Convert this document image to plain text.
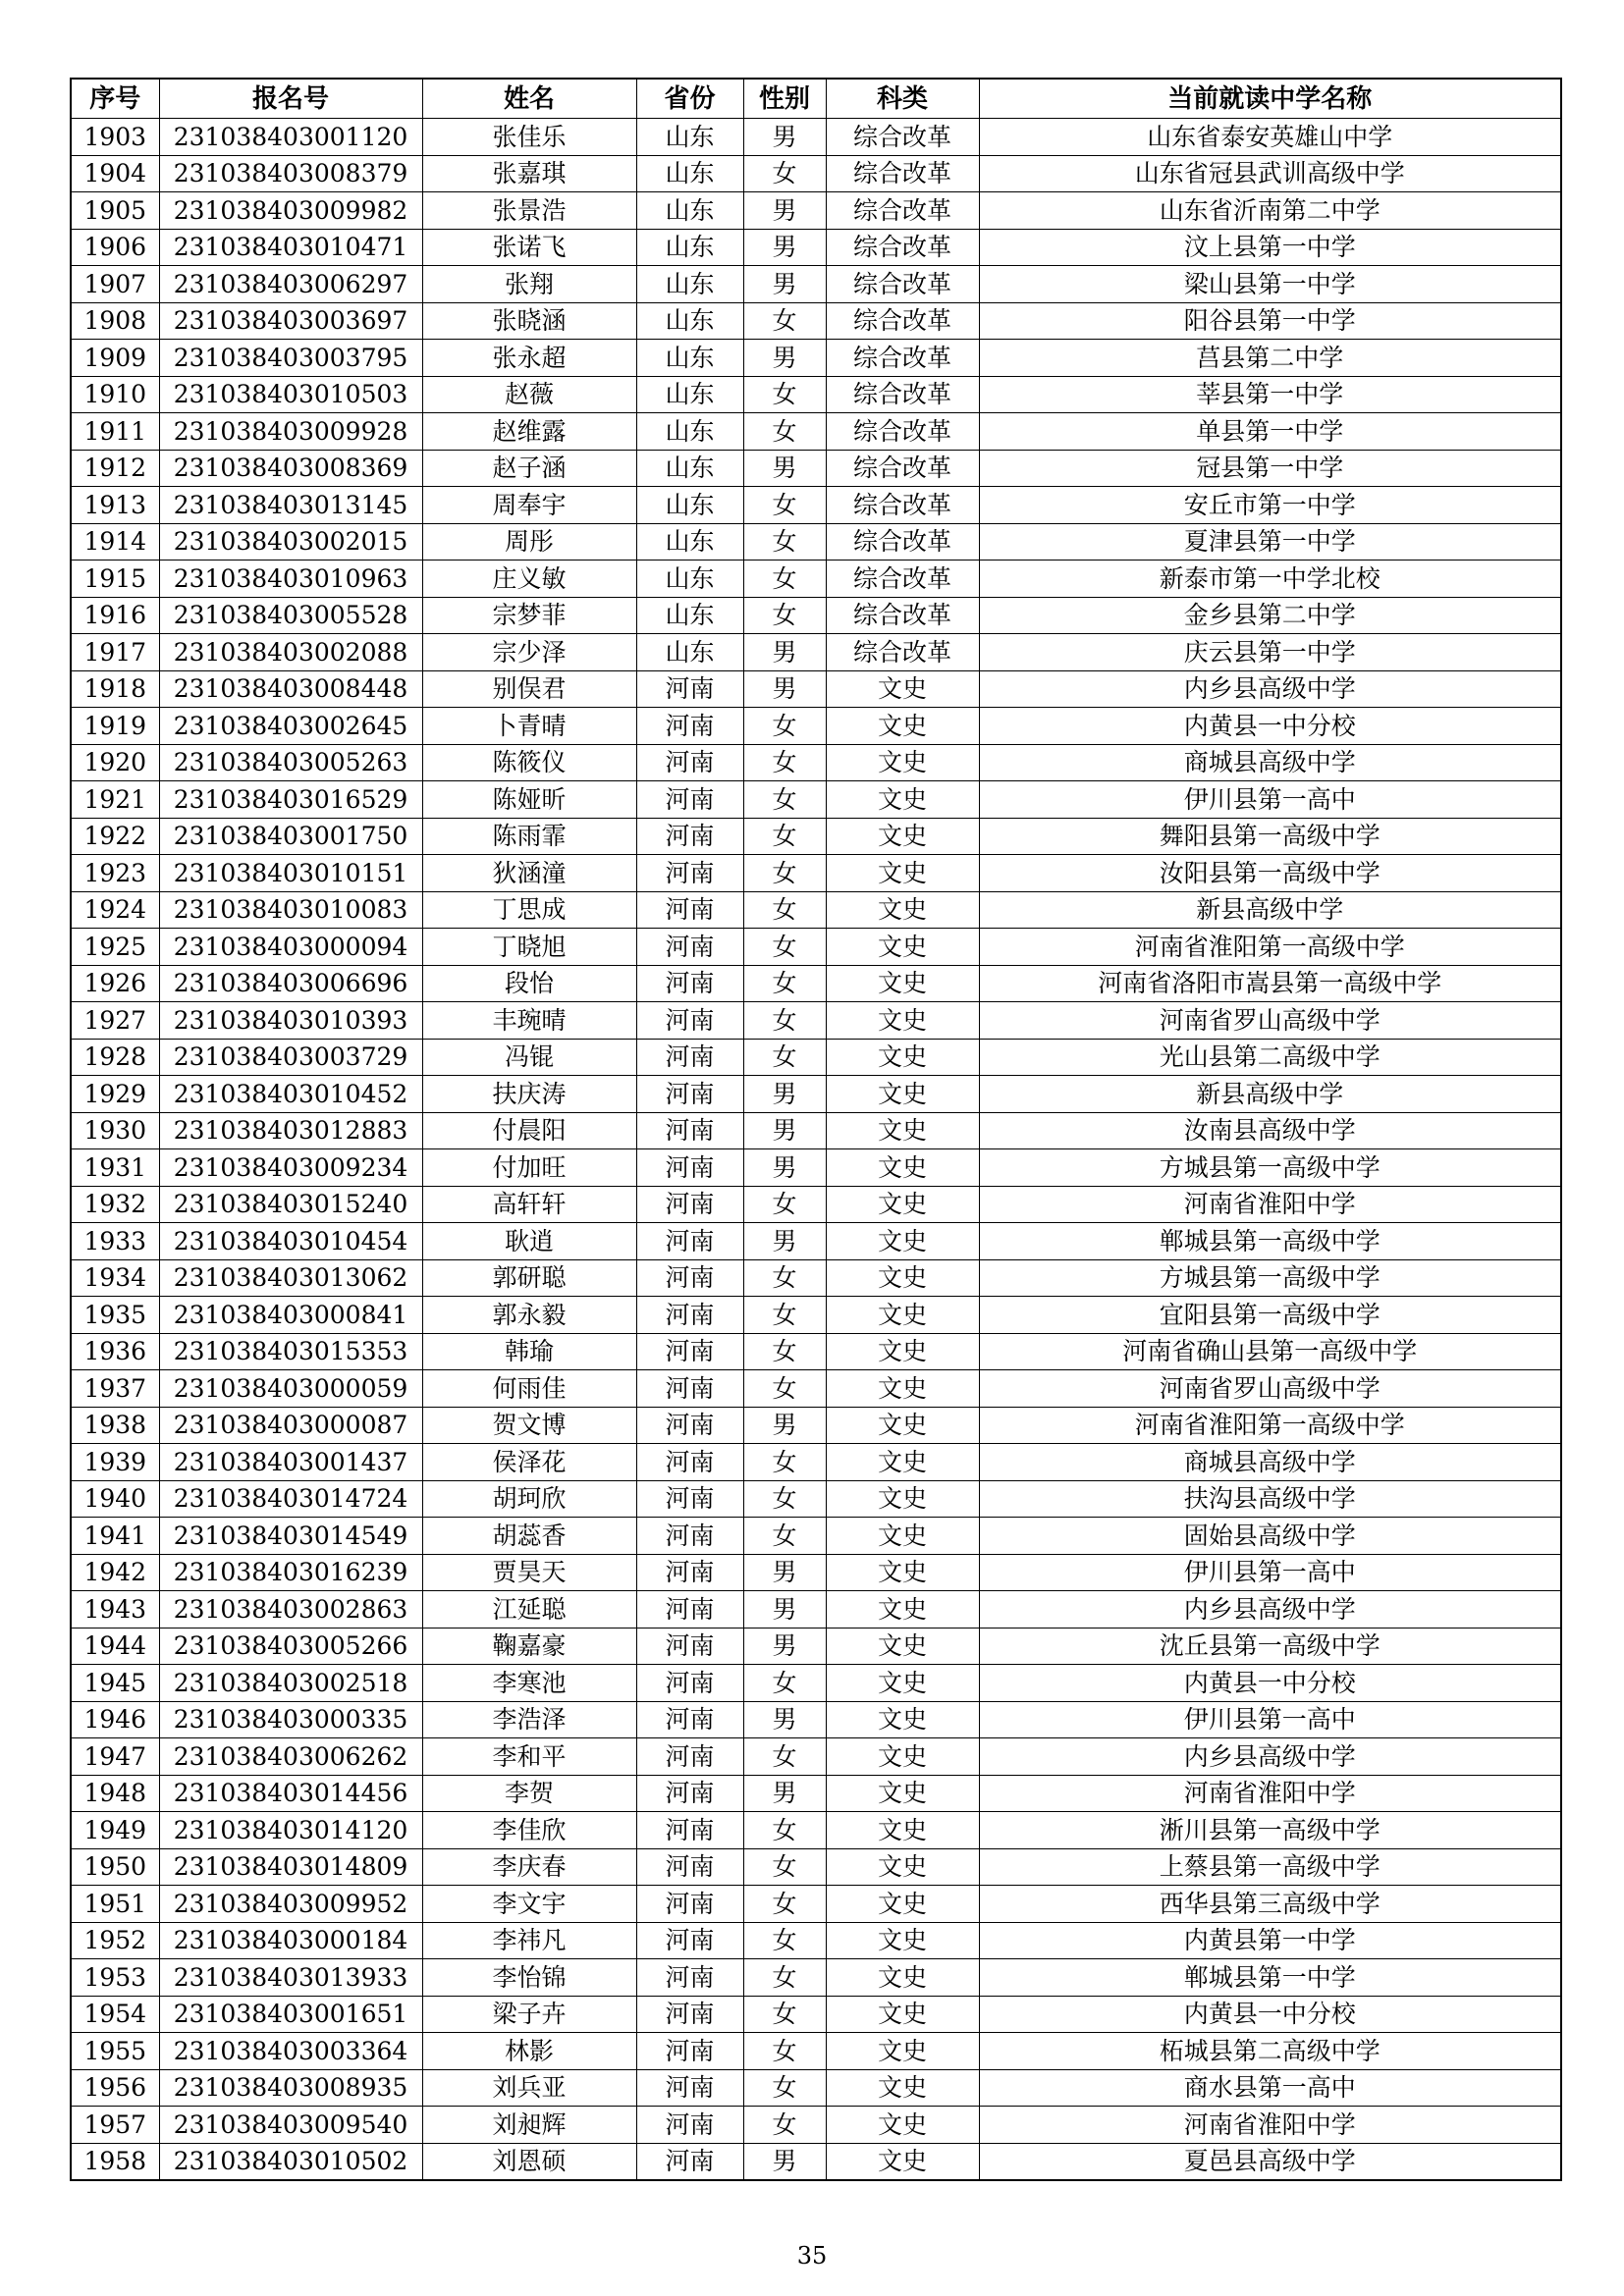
序号	报名号	姓名	省份	性别	科类	当前就读中学名称
1903	231038403001120	张佳乐	山东	男	综合改革	山东省泰安英雄山中学
1904	231038403008379	张嘉琪	山东	女	综合改革	山东省冠县武训高级中学
1905	231038403009982	张景浩	山东	男	综合改革	山东省沂南第二中学
1906	231038403010471	张诺飞	山东	男	综合改革	汶上县第一中学
1907	231038403006297	张翔	山东	男	综合改革	梁山县第一中学
1908	231038403003697	张晓涵	山东	女	综合改革	阳谷县第一中学
1909	231038403003795	张永超	山东	男	综合改革	莒县第二中学
1910	231038403010503	赵薇	山东	女	综合改革	莘县第一中学
1911	231038403009928	赵维露	山东	女	综合改革	单县第一中学
1912	231038403008369	赵子涵	山东	男	综合改革	冠县第一中学
1913	231038403013145	周奉宇	山东	女	综合改革	安丘市第一中学
1914	231038403002015	周彤	山东	女	综合改革	夏津县第一中学
1915	231038403010963	庄义敏	山东	女	综合改革	新泰市第一中学北校
1916	231038403005528	宗梦菲	山东	女	综合改革	金乡县第二中学
1917	231038403002088	宗少泽	山东	男	综合改革	庆云县第一中学
1918	231038403008448	别俣君	河南	男	文史	内乡县高级中学
1919	231038403002645	卜青晴	河南	女	文史	内黄县一中分校
1920	231038403005263	陈筱仪	河南	女	文史	商城县高级中学
1921	231038403016529	陈娅昕	河南	女	文史	伊川县第一高中
1922	231038403001750	陈雨霏	河南	女	文史	舞阳县第一高级中学
1923	231038403010151	狄涵潼	河南	女	文史	汝阳县第一高级中学
1924	231038403010083	丁思成	河南	女	文史	新县高级中学
1925	231038403000094	丁晓旭	河南	女	文史	河南省淮阳第一高级中学
1926	231038403006696	段怡	河南	女	文史	河南省洛阳市嵩县第一高级中学
1927	231038403010393	丰琬晴	河南	女	文史	河南省罗山高级中学
1928	231038403003729	冯锟	河南	女	文史	光山县第二高级中学
1929	231038403010452	扶庆涛	河南	男	文史	新县高级中学
1930	231038403012883	付晨阳	河南	男	文史	汝南县高级中学
1931	231038403009234	付加旺	河南	男	文史	方城县第一高级中学
1932	231038403015240	高轩轩	河南	女	文史	河南省淮阳中学
1933	231038403010454	耿逍	河南	男	文史	郸城县第一高级中学
1934	231038403013062	郭研聪	河南	女	文史	方城县第一高级中学
1935	231038403000841	郭永毅	河南	女	文史	宜阳县第一高级中学
1936	231038403015353	韩瑜	河南	女	文史	河南省确山县第一高级中学
1937	231038403000059	何雨佳	河南	女	文史	河南省罗山高级中学
1938	231038403000087	贺文博	河南	男	文史	河南省淮阳第一高级中学
1939	231038403001437	侯泽花	河南	女	文史	商城县高级中学
1940	231038403014724	胡珂欣	河南	女	文史	扶沟县高级中学
1941	231038403014549	胡蕊香	河南	女	文史	固始县高级中学
1942	231038403016239	贾昊天	河南	男	文史	伊川县第一高中
1943	231038403002863	江延聪	河南	男	文史	内乡县高级中学
1944	231038403005266	鞠嘉豪	河南	男	文史	沈丘县第一高级中学
1945	231038403002518	李寒池	河南	女	文史	内黄县一中分校
1946	231038403000335	李浩泽	河南	男	文史	伊川县第一高中
1947	231038403006262	李和平	河南	女	文史	内乡县高级中学
1948	231038403014456	李贺	河南	男	文史	河南省淮阳中学
1949	231038403014120	李佳欣	河南	女	文史	淅川县第一高级中学
1950	231038403014809	李庆春	河南	女	文史	上蔡县第一高级中学
1951	231038403009952	李文宇	河南	女	文史	西华县第三高级中学
1952	231038403000184	李祎凡	河南	女	文史	内黄县第一中学
1953	231038403013933	李怡锦	河南	女	文史	郸城县第一中学
1954	231038403001651	梁子卉	河南	女	文史	内黄县一中分校
1955	231038403003364	林影	河南	女	文史	柘城县第二高级中学
1956	231038403008935	刘兵亚	河南	女	文史	商水县第一高中
1957	231038403009540	刘昶辉	河南	女	文史	河南省淮阳中学
1958	231038403010502	刘恩硕	河南	男	文史	夏邑县高级中学
35
